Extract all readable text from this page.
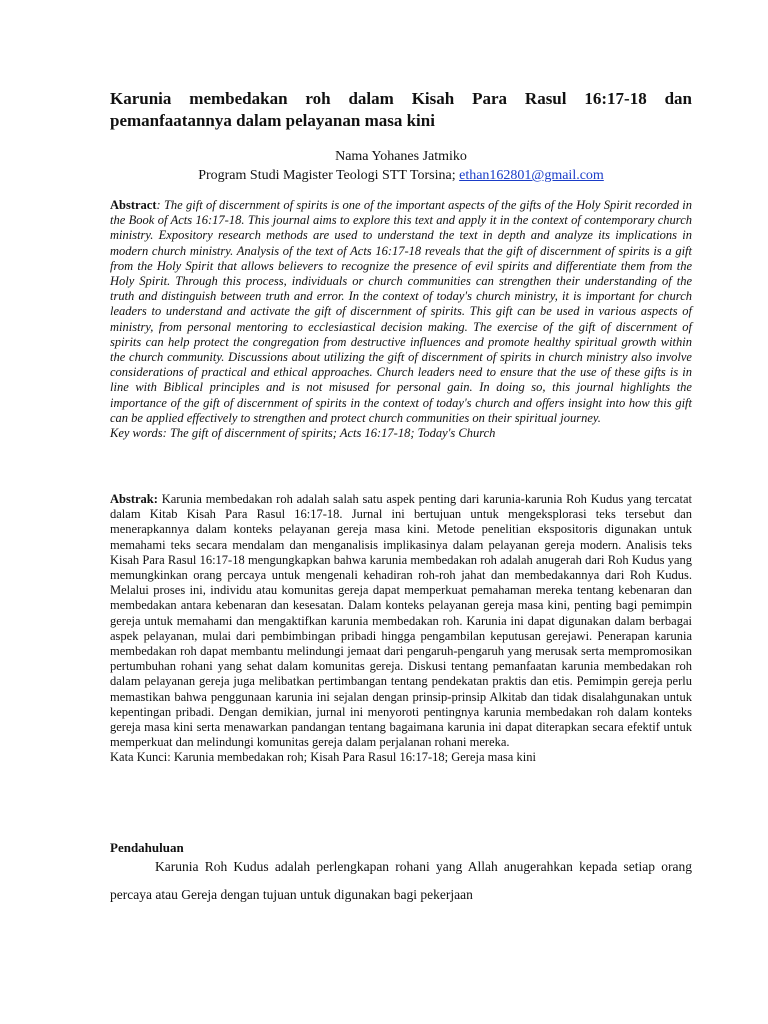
Karunia membedakan roh dalam Kisah Para Rasul 16:17-18 dan pemanfaatannya dalam pelayanan masa kini
Nama Yohanes Jatmiko
Program Studi Magister Teologi STT Torsina; ethan162801@gmail.com

Abstract: The gift of discernment of spirits is one of the important aspects of the gifts of the Holy Spirit recorded in the Book of Acts 16:17-18. This journal aims to explore this text and apply it in the context of contemporary church ministry. Expository research methods are used to understand the text in depth and analyze its implications in modern church ministry. Analysis of the text of Acts 16:17-18 reveals that the gift of discernment of spirits is a gift from the Holy Spirit that allows believers to recognize the presence of evil spirits and differentiate them from the Holy Spirit. Through this process, individuals or church communities can strengthen their understanding of the truth and distinguish between truth and error. In the context of today's church ministry, it is important for church leaders to understand and activate the gift of discernment of spirits. This gift can be used in various aspects of ministry, from personal mentoring to ecclesiastical decision making. The exercise of the gift of discernment of spirits can help protect the congregation from destructive influences and promote healthy spiritual growth within the church community. Discussions about utilizing the gift of discernment of spirits in church ministry also involve considerations of practical and ethical approaches. Church leaders need to ensure that the use of these gifts is in line with Biblical principles and is not misused for personal gain. In doing so, this journal highlights the importance of the gift of discernment of spirits in the context of today's church and offers insight into how this gift can be applied effectively to strengthen and protect church communities on their spiritual journey.

Key words: The gift of discernment of spirits; Acts 16:17-18; Today's Church

Abstrak: Karunia membedakan roh adalah salah satu aspek penting dari karunia-karunia Roh Kudus yang tercatat dalam Kitab Kisah Para Rasul 16:17-18. Jurnal ini bertujuan untuk mengeksplorasi teks tersebut dan menerapkannya dalam konteks pelayanan gereja masa kini. Metode penelitian ekspositoris digunakan untuk memahami teks secara mendalam dan menganalisis implikasinya dalam pelayanan gereja modern. Analisis teks Kisah Para Rasul 16:17-18 mengungkapkan bahwa karunia membedakan roh adalah anugerah dari Roh Kudus yang memungkinkan orang percaya untuk mengenali kehadiran roh-roh jahat dan membedakannya dari Roh Kudus. Melalui proses ini, individu atau komunitas gereja dapat memperkuat pemahaman mereka tentang kebenaran dan membedakan antara kebenaran dan kesesatan. Dalam konteks pelayanan gereja masa kini, penting bagi pemimpin gereja untuk memahami dan mengaktifkan karunia membedakan roh. Karunia ini dapat digunakan dalam berbagai aspek pelayanan, mulai dari pembimbingan pribadi hingga pengambilan keputusan gerejawi. Penerapan karunia membedakan roh dapat membantu melindungi jemaat dari pengaruh-pengaruh yang merusak serta mempromosikan pertumbuhan rohani yang sehat dalam komunitas gereja. Diskusi tentang pemanfaatan karunia membedakan roh dalam pelayanan gereja juga melibatkan pertimbangan tentang pendekatan praktis dan etis. Pemimpin gereja perlu memastikan bahwa penggunaan karunia ini sejalan dengan prinsip-prinsip Alkitab dan tidak disalahgunakan untuk kepentingan pribadi. Dengan demikian, jurnal ini menyoroti pentingnya karunia membedakan roh dalam konteks gereja masa kini serta menawarkan pandangan tentang bagaimana karunia ini dapat diterapkan secara efektif untuk memperkuat dan melindungi komunitas gereja dalam perjalanan rohani mereka.

Kata Kunci: Karunia membedakan roh; Kisah Para Rasul 16:17-18; Gereja masa kini

Pendahuluan

Karunia Roh Kudus adalah perlengkapan rohani yang Allah anugerahkan kepada setiap orang percaya atau Gereja dengan tujuan untuk digunakan bagi pekerjaan
